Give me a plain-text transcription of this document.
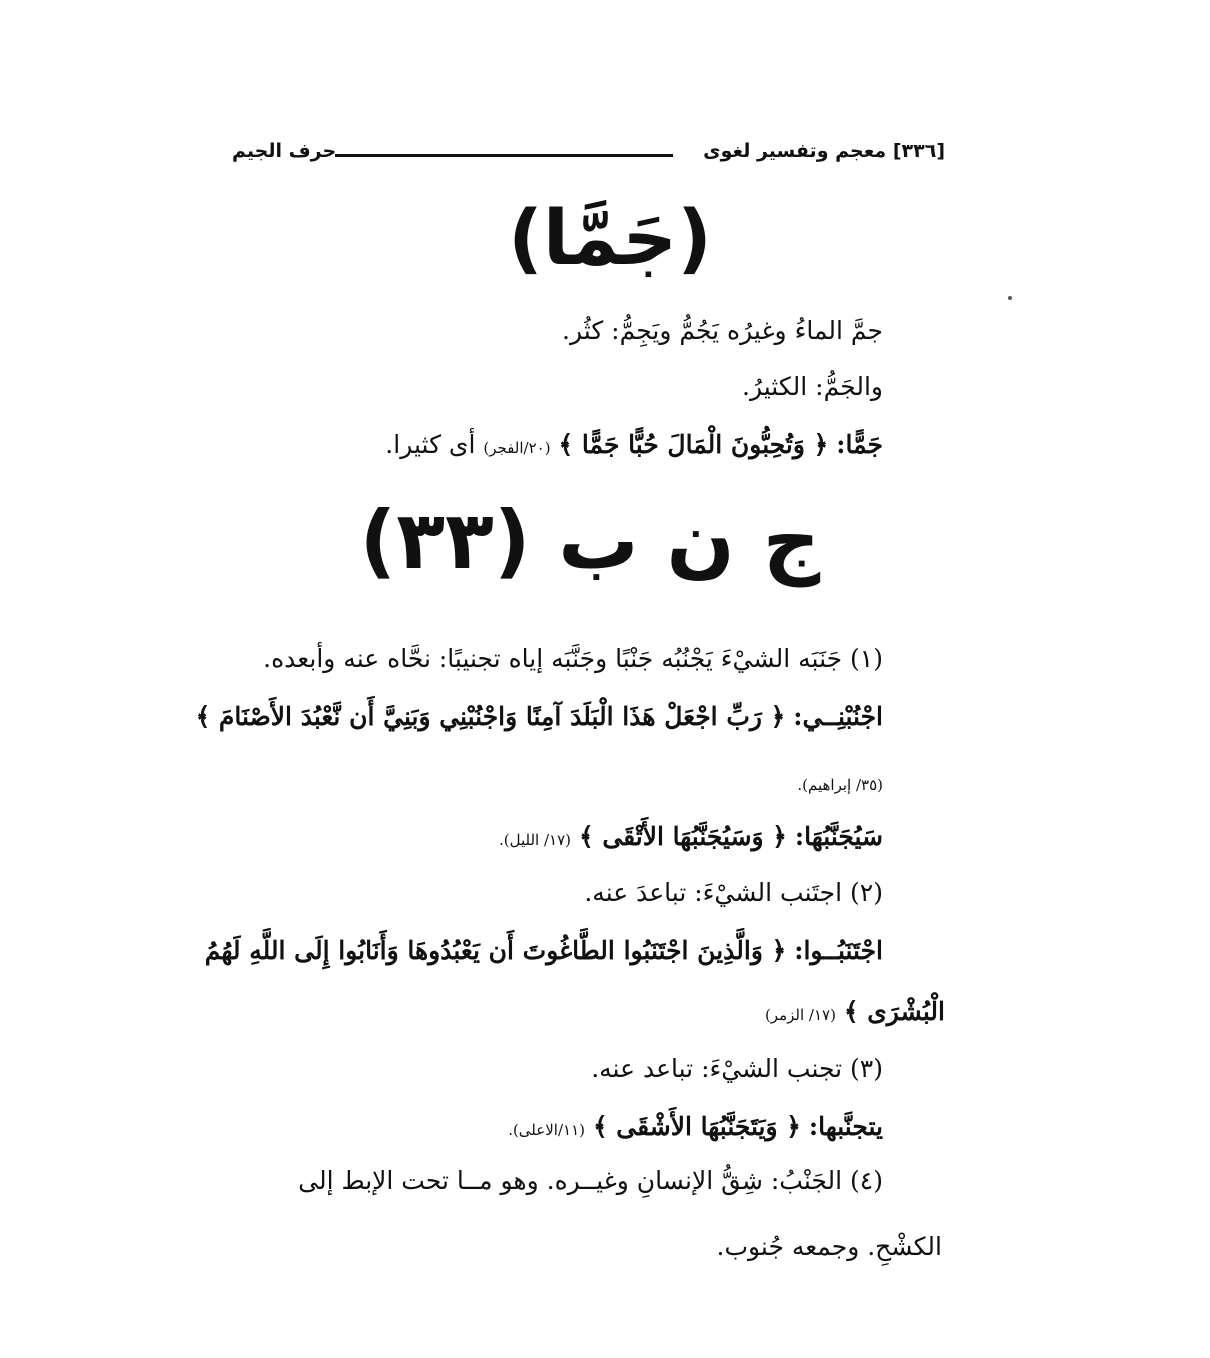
[٣٣٦] معجم وتفسير لغوى
حرف الجيم
(جَمَّا)
جمَّ الماءُ وغيرُه يَجُمُّ ويَجِمُّ: كثُر.
والجَمُّ: الكثيرُ.
جَمًّا: ﴿ وَتُحِبُّونَ الْمَالَ حُبًّا جَمًّا ﴾ (٢٠/الفجر) أى كثيرا.
ج ن ب (٣٣)
(١) جَنَبَه الشيْءَ يَجْنُبُه جَنْبًا وجَنَّبَه إياه تجنيبًا: نحَّاه عنه وأبعده.
اجْنُبْنِــي: ﴿ رَبِّ اجْعَلْ هَذَا الْبَلَدَ آمِنًا وَاجْنُبْنِي وَبَنِيَّ أَن نَّعْبُدَ الأَصْنَامَ ﴾
(٣٥/ إبراهيم).
سَيُجَنَّبُهَا: ﴿ وَسَيُجَنَّبُهَا الأَتْقَى ﴾ (١٧/ الليل).
(٢) اجتَنب الشيْءَ: تباعدَ عنه.
اجْتَنَبُــوا: ﴿ وَالَّذِينَ اجْتَنَبُوا الطَّاغُوتَ أَن يَعْبُدُوهَا وَأَنَابُوا إِلَى اللَّهِ لَهُمُ
الْبُشْرَى ﴾ (١٧/ الزمر)
(٣) تجنب الشيْءَ: تباعد عنه.
يتجنَّبها: ﴿ وَيَتَجَنَّبُهَا الأَشْقَى ﴾ (١١/الاعلى).
(٤) الجَنْبُ: شِقُّ الإنسانِ وغيــره. وهو مــا تحت الإبط إلى
الكشْحِ. وجمعه جُنوب.
